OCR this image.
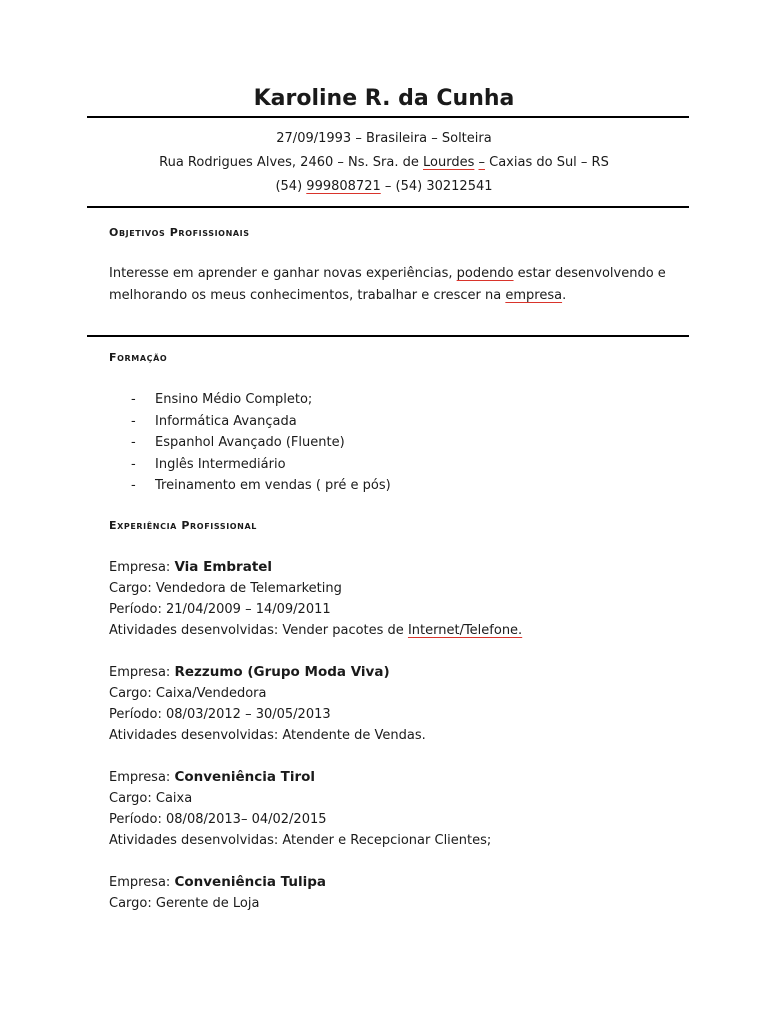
Karoline R. da Cunha
27/09/1993 – Brasileira – Solteira
Rua Rodrigues Alves, 2460 – Ns. Sra. de Lourdes – Caxias do Sul – RS
(54) 999808721 – (54) 30212541
Objetivos Profissionais
Interesse em aprender e ganhar novas experiências, podendo estar desenvolvendo e
melhorando os meus conhecimentos, trabalhar e crescer na empresa.
Formação
- Ensino Médio Completo;
- Informática Avançada
- Espanhol Avançado (Fluente)
- Inglês Intermediário
- Treinamento em vendas ( pré e pós)
Experiência Profissional
Empresa: Via Embratel
Cargo: Vendedora de Telemarketing
Período: 21/04/2009 – 14/09/2011
Atividades desenvolvidas: Vender pacotes de Internet/Telefone.
Empresa: Rezzumo (Grupo Moda Viva)
Cargo: Caixa/Vendedora
Período: 08/03/2012 – 30/05/2013
Atividades desenvolvidas: Atendente de Vendas.
Empresa: Conveniência Tirol
Cargo: Caixa
Período: 08/08/2013– 04/02/2015
Atividades desenvolvidas: Atender e Recepcionar Clientes;
Empresa: Conveniência Tulipa
Cargo: Gerente de Loja
